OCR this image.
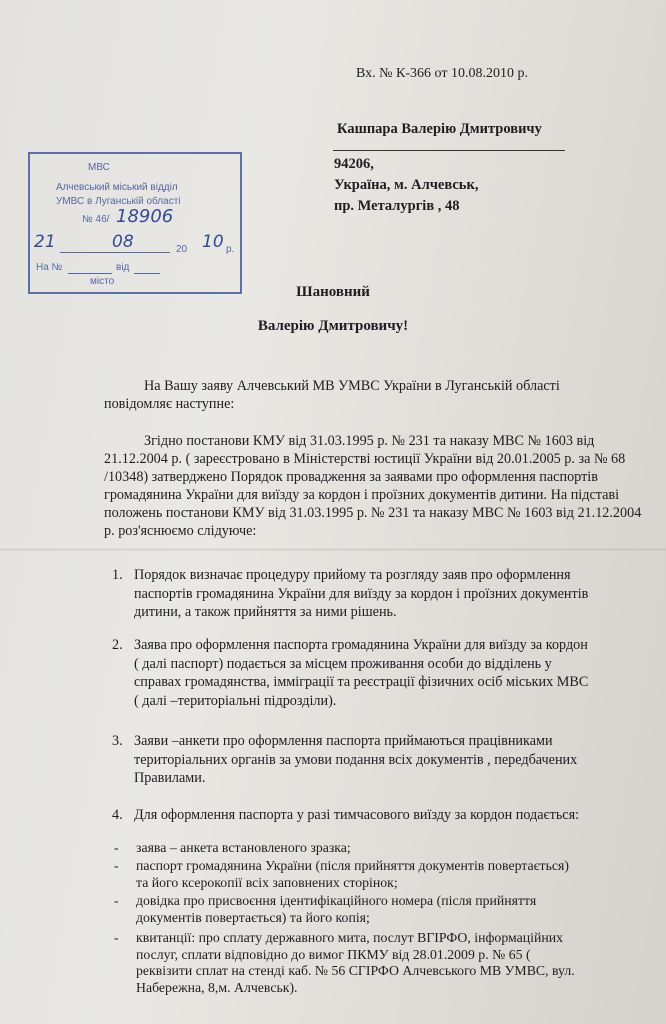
Вх. № К-366 от 10.08.2010 р.
Кашпара Валерію Дмитровичу
94206,
Україна, м. Алчевськ,
пр. Металургів , 48
МВС
Алчевський міський відділ
УМВС в Луганській області
№ 46/ 18906
21	08	20 10 р.
На №	від
місто
Шановний
Валерію Дмитровичу!
На Вашу заяву Алчевський МВ УМВС України в Луганській області
повідомляє наступне:
Згідно постанови КМУ від 31.03.1995 р. № 231 та наказу МВС № 1603 від
21.12.2004 р. ( зареєстровано в Міністерстві юстиції України від 20.01.2005 р. за № 68
/10348) затверджено Порядок провадження за заявами про оформлення паспортів
громадянина України для виїзду за кордон і проїзних документів дитини. На підставі
положень постанови КМУ від 31.03.1995 р. № 231 та наказу МВС № 1603 від 21.12.2004
р. роз'яснюємо слідуюче:
1. Порядок визначає процедуру прийому та розгляду заяв про оформлення
паспортів громадянина України для виїзду за кордон і проїзних документів
дитини, а також прийняття за ними рішень.
2. Заява про оформлення паспорта громадянина України для виїзду за кордон
( далі паспорт) подається за місцем проживання особи до відділень у
справах громадянства, імміграції та реєстрації фізичних осіб міських МВС
( далі –територіальні підрозділи).
3. Заяви –анкети про оформлення паспорта приймаються працівниками
територіальних органів за умови подання всіх документів , передбачених
Правилами.
4. Для оформлення паспорта у разі тимчасового виїзду за кордон подається:
- заява – анкета встановленого зразка;
- паспорт громадянина України (після прийняття документів повертається)
та його ксерокопії всіх заповнених сторінок;
- довідка про присвоєння ідентифікаційного номера (після прийняття
документів повертається) та його копія;
- квитанції: про сплату державного мита, послут ВГІРФО, інформаційних
послуг, сплати відповідно до вимог ПКМУ від 28.01.2009 р. № 65 (
реквізити сплат на стенді каб. № 56 СГІРФО Алчевського МВ УМВС, вул.
Набережна, 8,м. Алчевськ).
